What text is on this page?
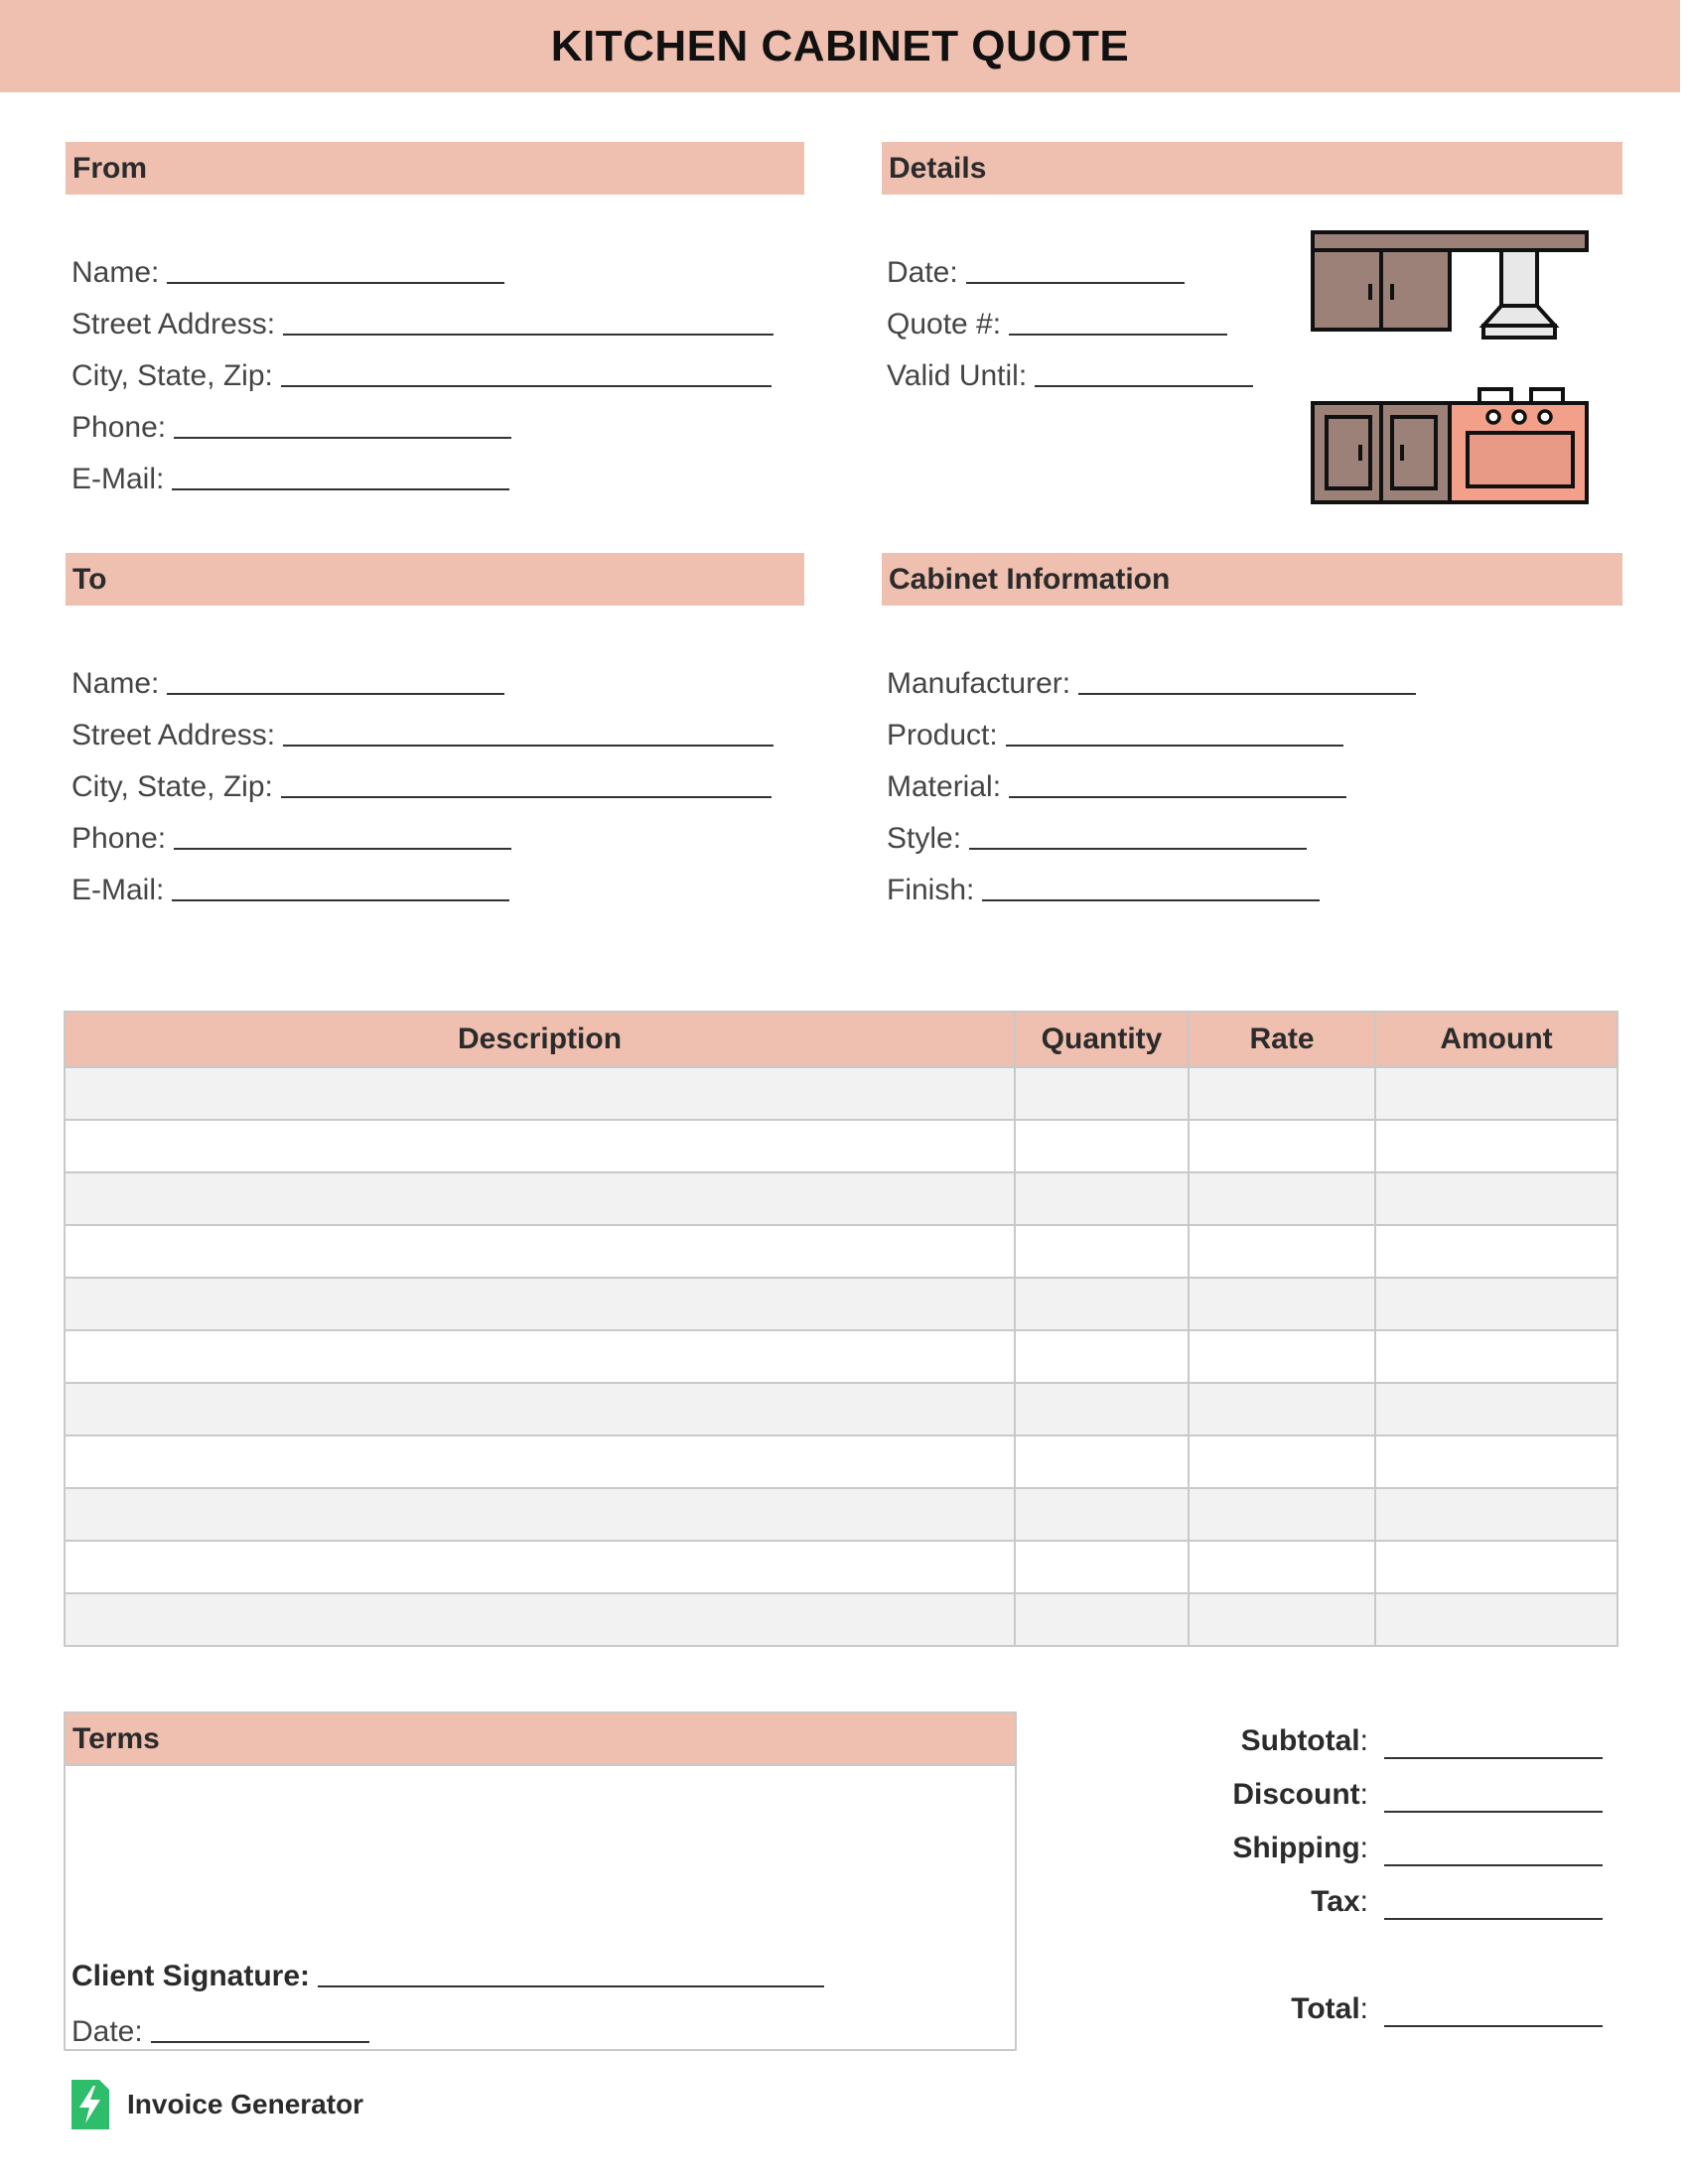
KITCHEN CABINET QUOTE
From
Name:
Street Address:
City, State, Zip:
Phone:
E-Mail:
Details
Date:
Quote #:
Valid Until:
To
Name:
Street Address:
City, State, Zip:
Phone:
E-Mail:
Cabinet Information
Manufacturer:
Product:
Material:
Style:
Finish:
Description	Quantity	Rate	Amount

Terms
Client Signature:
Date:
Subtotal:
Discount:
Shipping:
Tax:
Total:
Invoice Generator
